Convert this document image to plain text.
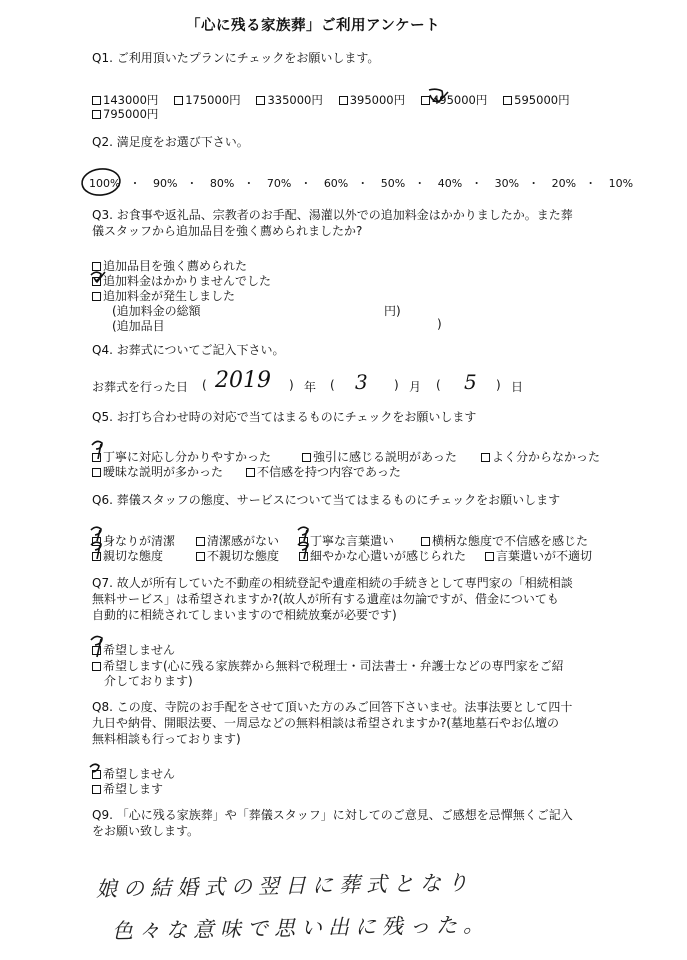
「心に残る家族葬」ご利用アンケート
Q1. ご利用頂いたプランにチェックをお願いします。
143000円 175000円 335000円 395000円 495000円 595000円
795000円
Q2. 満足度をお選び下さい。
100% ・ 90% ・ 80% ・ 70% ・ 60% ・ 50% ・ 40% ・ 30% ・ 20% ・ 10%
Q3. お食事や返礼品、宗教者のお手配、湯灌以外での追加料金はかかりましたか。また葬
儀スタッフから追加品目を強く薦められましたか?
追加品目を強く薦められた
追加料金はかかりませんでした
追加料金が発生しました
(追加料金の総額	円)
(追加品目	)
Q4. お葬式についてご記入下さい。
お葬式を行った日 ( 2019 ) 年 ( 3 ) 月 ( 5 ) 日
Q5. お打ち合わせ時の対応で当てはまるものにチェックをお願いします
丁寧に対応し分かりやすかった	強引に感じる説明があった	よく分からなかった
曖昧な説明が多かった	不信感を持つ内容であった
Q6. 葬儀スタッフの態度、サービスについて当てはまるものにチェックをお願いします
身なりが清潔	清潔感がない	丁寧な言葉遣い	横柄な態度で不信感を感じた
親切な態度	不親切な態度	細やかな心遣いが感じられた	言葉遣いが不適切
Q7. 故人が所有していた不動産の相続登記や遺産相続の手続きとして専門家の「相続相談
無料サービス」は希望されますか?(故人が所有する遺産は勿論ですが、借金についても
自動的に相続されてしまいますので相続放棄が必要です)
希望しません
希望します(心に残る家族葬から無料で税理士・司法書士・弁護士などの専門家をご紹
介しております)
Q8. この度、寺院のお手配をさせて頂いた方のみご回答下さいませ。法事法要として四十
九日や納骨、開眼法要、一周忌などの無料相談は希望されますか?(墓地墓石やお仏壇の
無料相談も行っております)
希望しません
希望します
Q9. 「心に残る家族葬」や「葬儀スタッフ」に対してのご意見、ご感想を忌憚無くご記入
をお願い致します。
娘の結婚式の翌日に葬式となり
色々な意味で思い出に残った。
